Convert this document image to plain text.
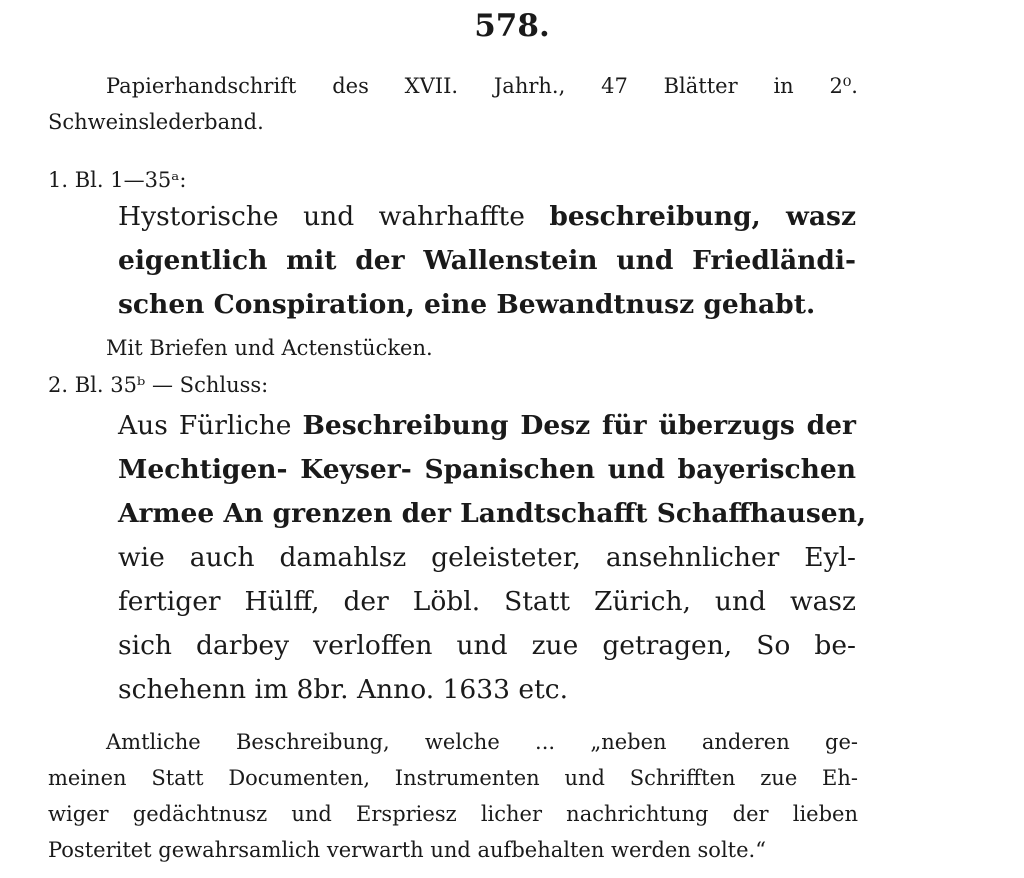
578.
Papierhandschrift des XVII. Jahrh., 47 Blätter in 2⁰.
Schweinslederband.
1. Bl. 1—35ᵃ:
Hystorische und wahrhaffte beschreibung, wasz
eigentlich mit der Wallenstein und Friedländi-
schen Conspiration, eine Bewandtnusz gehabt.
Mit Briefen und Actenstücken.
2. Bl. 35ᵇ — Schluss:
Aus Fürliche Beschreibung Desz für überzugs der
Mechtigen- Keyser- Spanischen und bayerischen
Armee An grenzen der Landtschafft Schaffhausen,
wie auch damahlsz geleisteter, ansehnlicher Eyl-
fertiger Hülff, der Löbl. Statt Zürich, und wasz
sich darbey verloffen und zue getragen, So be-
schehenn im 8br. Anno. 1633 etc.
Amtliche Beschreibung, welche ... „neben anderen ge-
meinen Statt Documenten, Instrumenten und Schrifften zue Eh-
wiger gedächtnusz und Erspriesz licher nachrichtung der lieben
Posteritet gewahrsamlich verwarth und aufbehalten werden solte.“
